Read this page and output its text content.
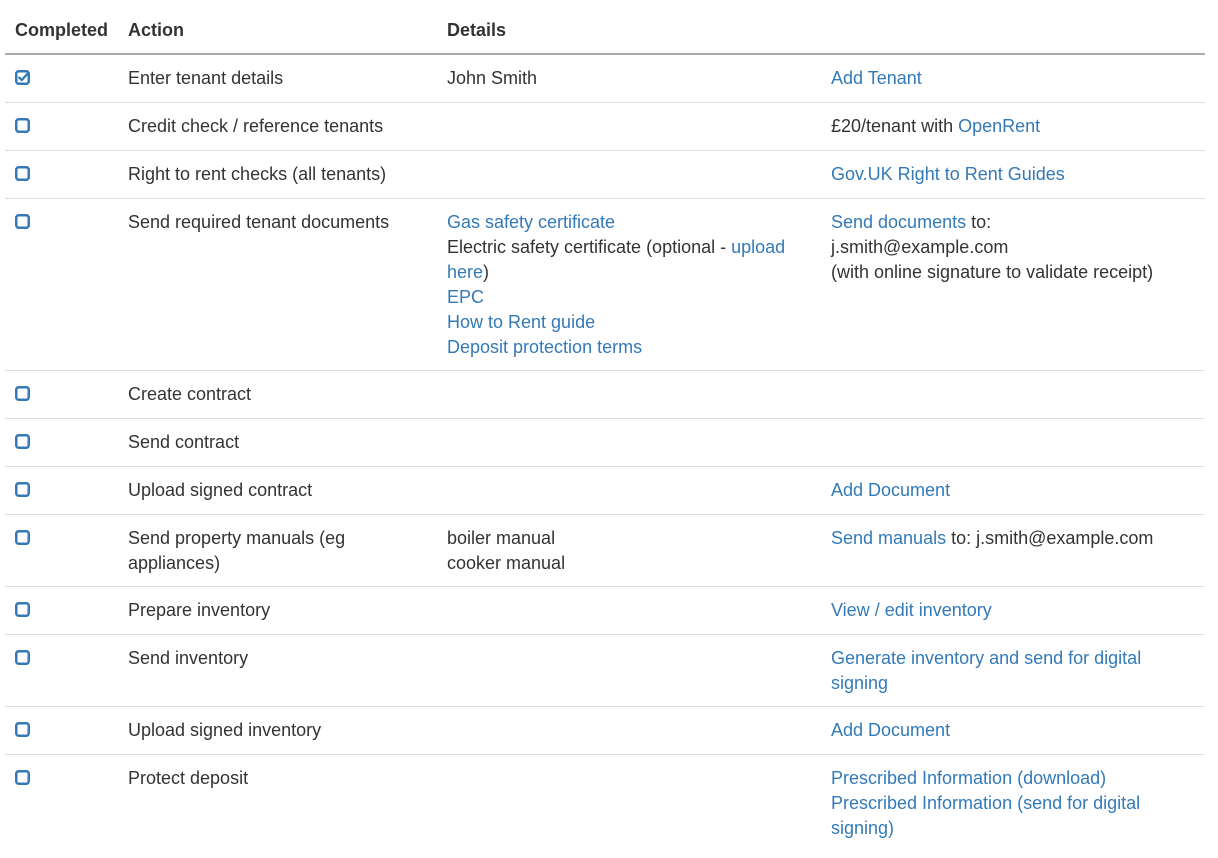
Completed	Action	Details	

	Enter tenant details	John Smith	Add Tenant

	Credit check / reference tenants		£20/tenant with OpenRent

	Right to rent checks (all tenants)		Gov.UK Right to Rent Guides

	Send required tenant documents	Gas safety certificate
Electric safety certificate (optional - upload here)
EPC
How to Rent guide
Deposit protection terms	Send documents to:
j.smith@example.com
(with online signature to validate receipt)

	Create contract		

	Send contract		

	Upload signed contract		Add Document

	Send property manuals (eg appliances)	boiler manual
cooker manual	Send manuals to: j.smith@example.com

	Prepare inventory		View / edit inventory

	Send inventory		Generate inventory and send for digital signing

	Upload signed inventory		Add Document

	Protect deposit		Prescribed Information (download)
Prescribed Information (send for digital signing)
